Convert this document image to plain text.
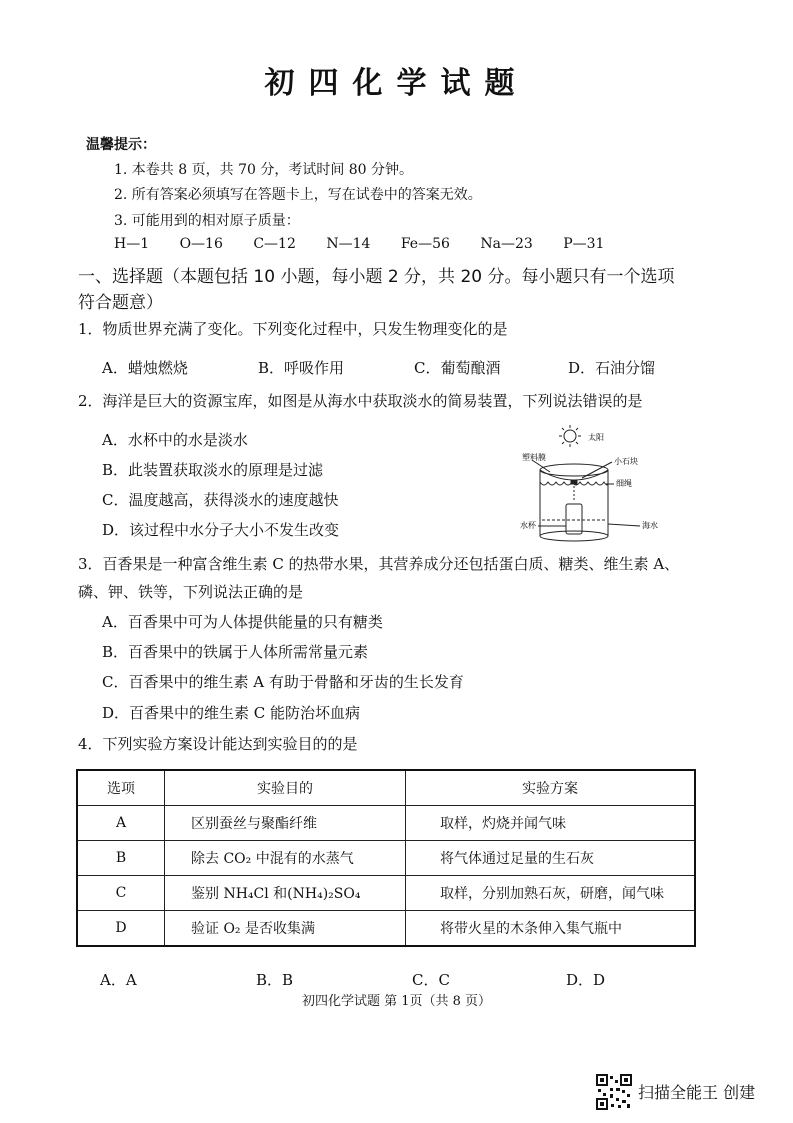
初四化学试题
温馨提示：
1. 本卷共 8 页，共 70 分，考试时间 80 分钟。
2. 所有答案必须填写在答题卡上，写在试卷中的答案无效。
3. 可能用到的相对原子质量：
H—1 O—16 C—12 N—14 Fe—56 Na—23 P—31
一、选择题（本题包括 10 小题，每小题 2 分，共 20 分。每小题只有一个选项
符合题意）
1．物质世界充满了变化。下列变化过程中，只发生物理变化的是
A．蜡烛燃烧	B．呼吸作用	C．葡萄酿酒	D．石油分馏
2．海洋是巨大的资源宝库，如图是从海水中获取淡水的简易装置，下列说法错误的是
A．水杯中的水是淡水
B．此装置获取淡水的原理是过滤
C．温度越高，获得淡水的速度越快
D．该过程中水分子大小不发生改变
太阳
塑料膜	小石块
细绳
水杯	海水
3．百香果是一种富含维生素 C 的热带水果，其营养成分还包括蛋白质、糖类、维生素 A、
磷、钾、铁等，下列说法正确的是
A．百香果中可为人体提供能量的只有糖类
B．百香果中的铁属于人体所需常量元素
C．百香果中的维生素 A 有助于骨骼和牙齿的生长发育
D．百香果中的维生素 C 能防治坏血病
4．下列实验方案设计能达到实验目的的是
选项	实验目的	实验方案
A	区别蚕丝与聚酯纤维	取样，灼烧并闻气味
B	除去 CO₂ 中混有的水蒸气	将气体通过足量的生石灰
C	鉴别 NH₄Cl 和(NH₄)₂SO₄	取样，分别加熟石灰，研磨，闻气味
D	验证 O₂ 是否收集满	将带火星的木条伸入集气瓶中
A．A	B．B	C．C	D．D
初四化学试题 第 1页（共 8 页）
扫描全能王 创建
